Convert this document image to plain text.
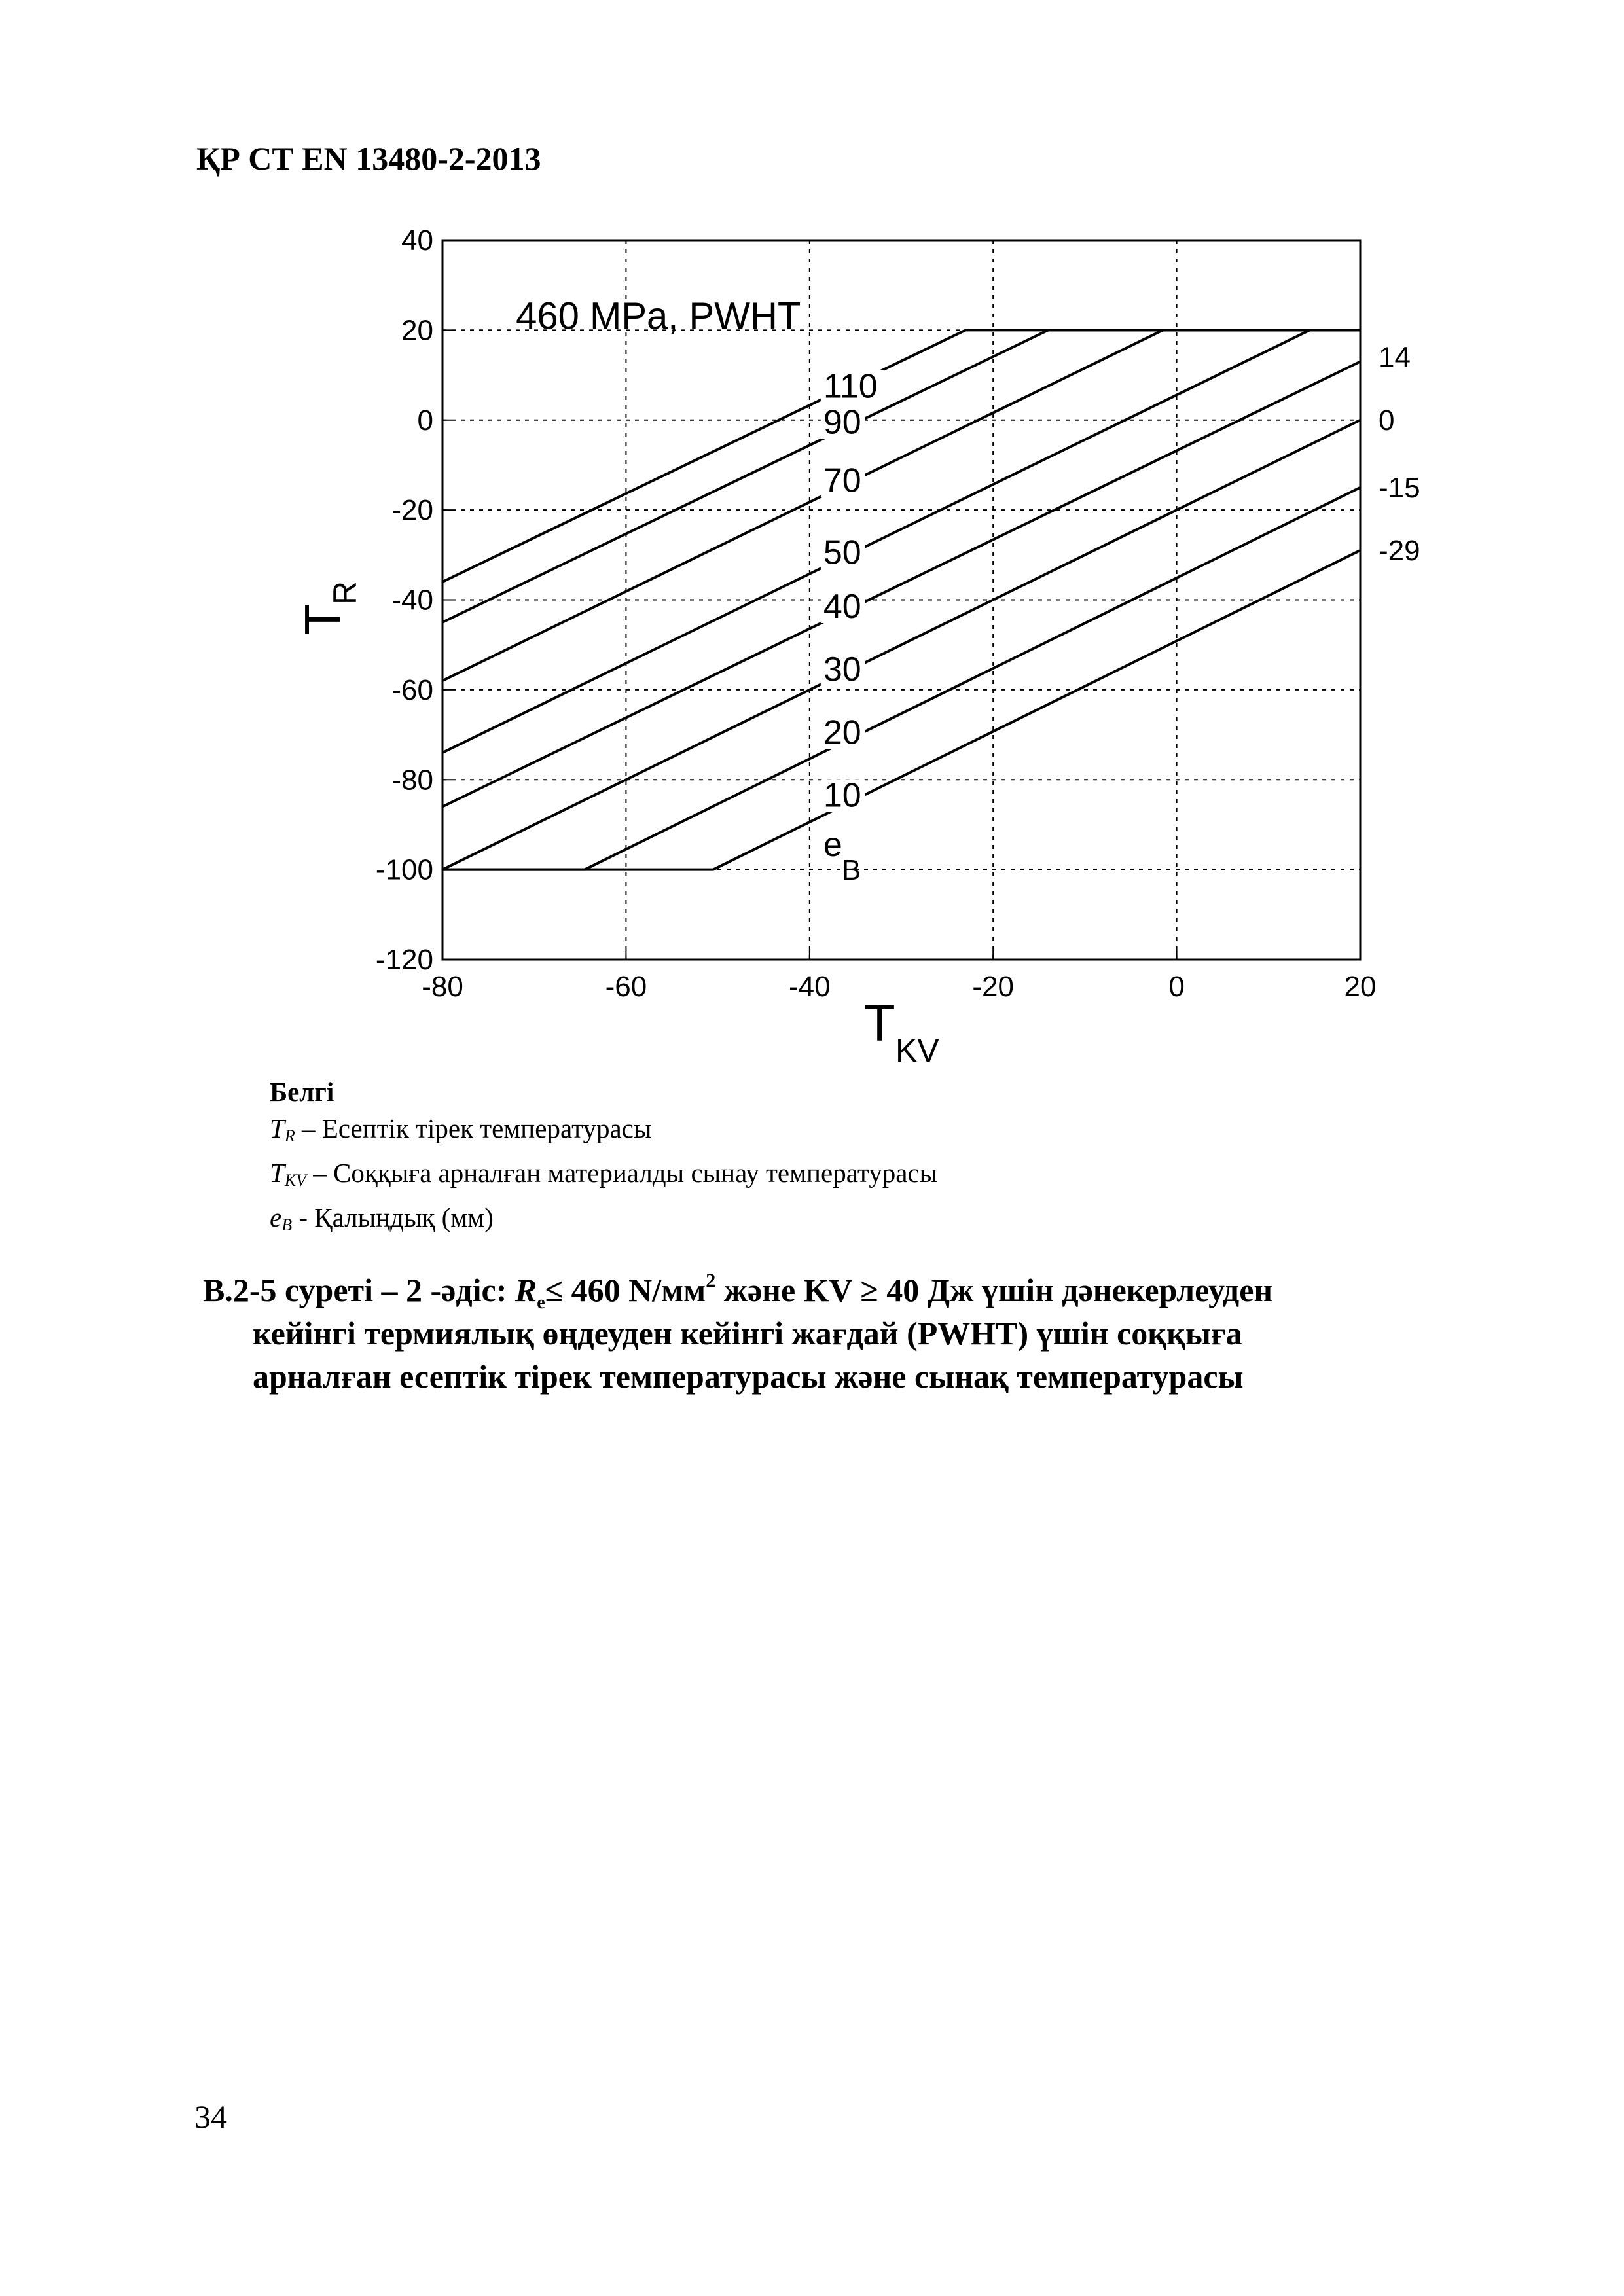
ҚР СТ EN 13480-2-2013
-80	-60	-40	-20	0	20
-120
-100
-80
-60
-40
-20
0
20
40
110
90
70
50
40
30
20
10
14
0
-15
-29
460 MPa, PWHT
e
B
T KV
T
R
Белгі
$T_R$ – Есептік тірек температурасы
$T_{KV}$ – Соққыға арналған материалды сынау температурасы
$e_B$ - Қалыңдық (мм)
В.2-5 суреті – 2 -әдіс: $R_e\le 460$ $N/мм^2$ және KV ≥ 40 Дж үшін дәнекерлеуден
кейінгі термиялық өңдеуден кейінгі жағдай (PWHT) үшін соққыға
арналған есептік тірек температурасы және сынақ температурасы
34
